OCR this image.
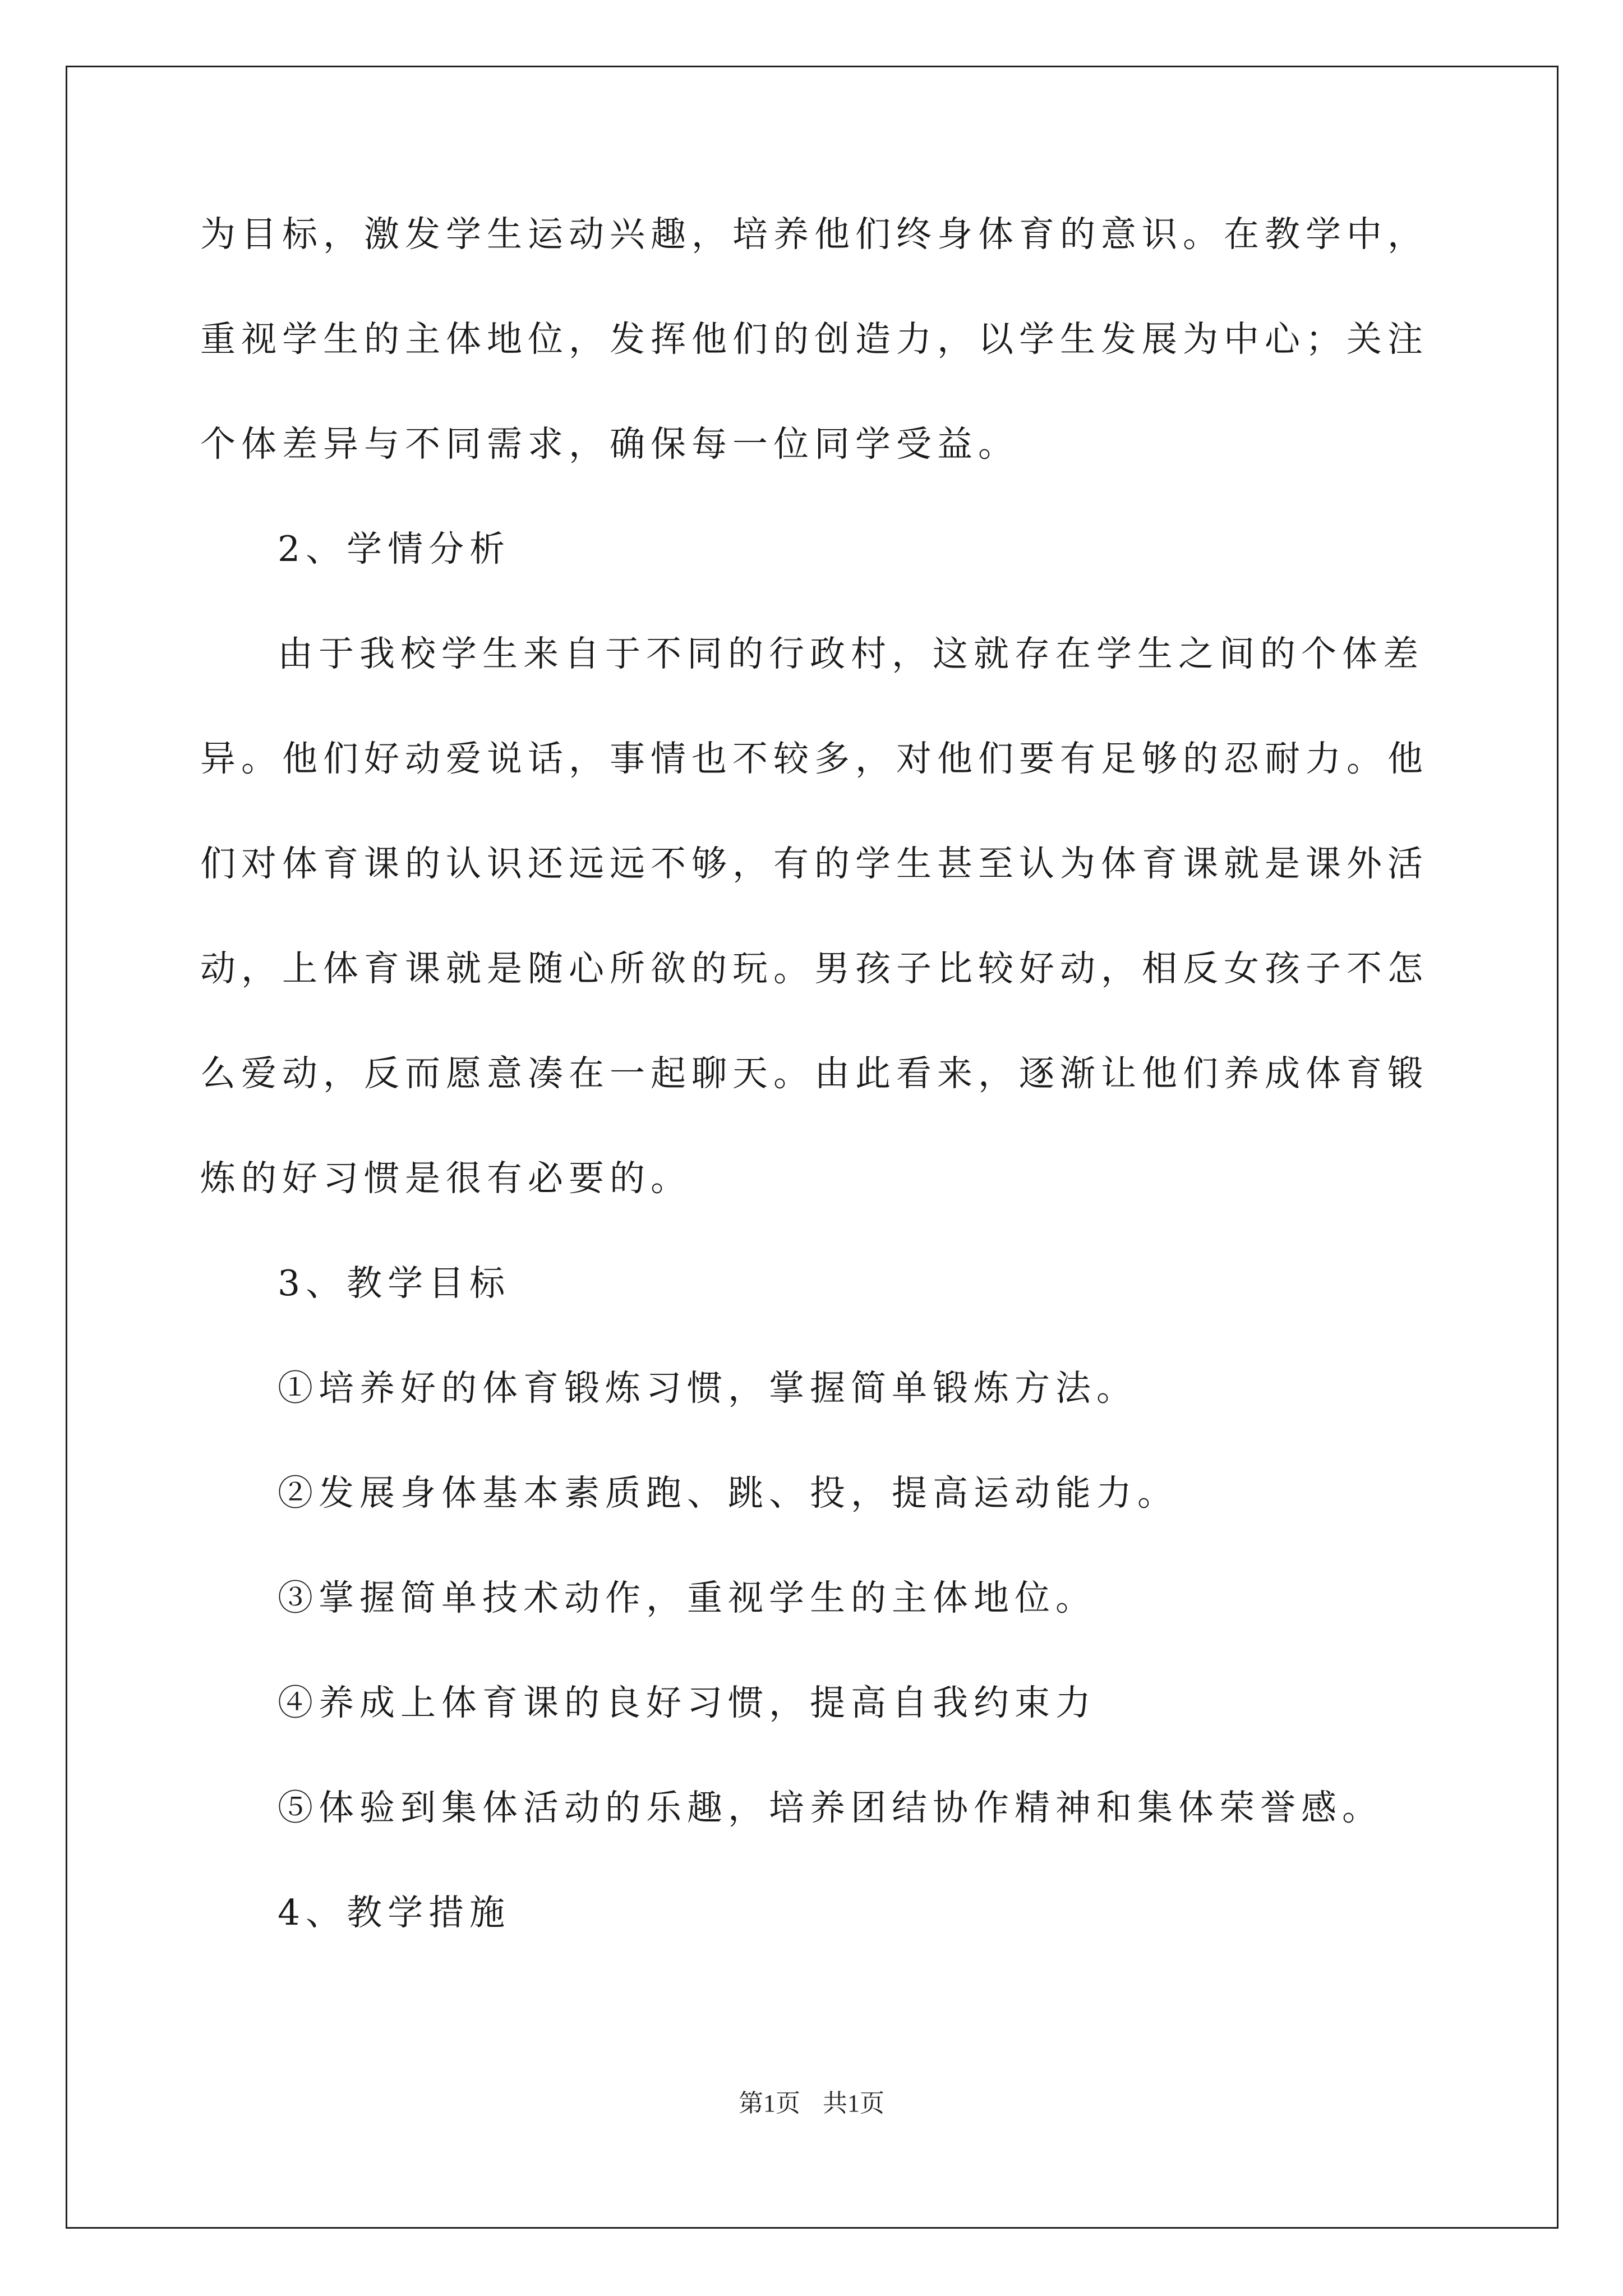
为目标，激发学生运动兴趣，培养他们终身体育的意识。在教学中，
重视学生的主体地位，发挥他们的创造力，以学生发展为中心；关注
个体差异与不同需求，确保每一位同学受益。
2、学情分析
由于我校学生来自于不同的行政村，这就存在学生之间的个体差
异。他们好动爱说话，事情也不较多，对他们要有足够的忍耐力。他
们对体育课的认识还远远不够，有的学生甚至认为体育课就是课外活
动，上体育课就是随心所欲的玩。男孩子比较好动，相反女孩子不怎
么爱动，反而愿意凑在一起聊天。由此看来，逐渐让他们养成体育锻
炼的好习惯是很有必要的。
3、教学目标
①培养好的体育锻炼习惯，掌握简单锻炼方法。
②发展身体基本素质跑、跳、投，提高运动能力。
③掌握简单技术动作，重视学生的主体地位。
④养成上体育课的良好习惯，提高自我约束力
⑤体验到集体活动的乐趣，培养团结协作精神和集体荣誉感。
4、教学措施
第1页 共1页
